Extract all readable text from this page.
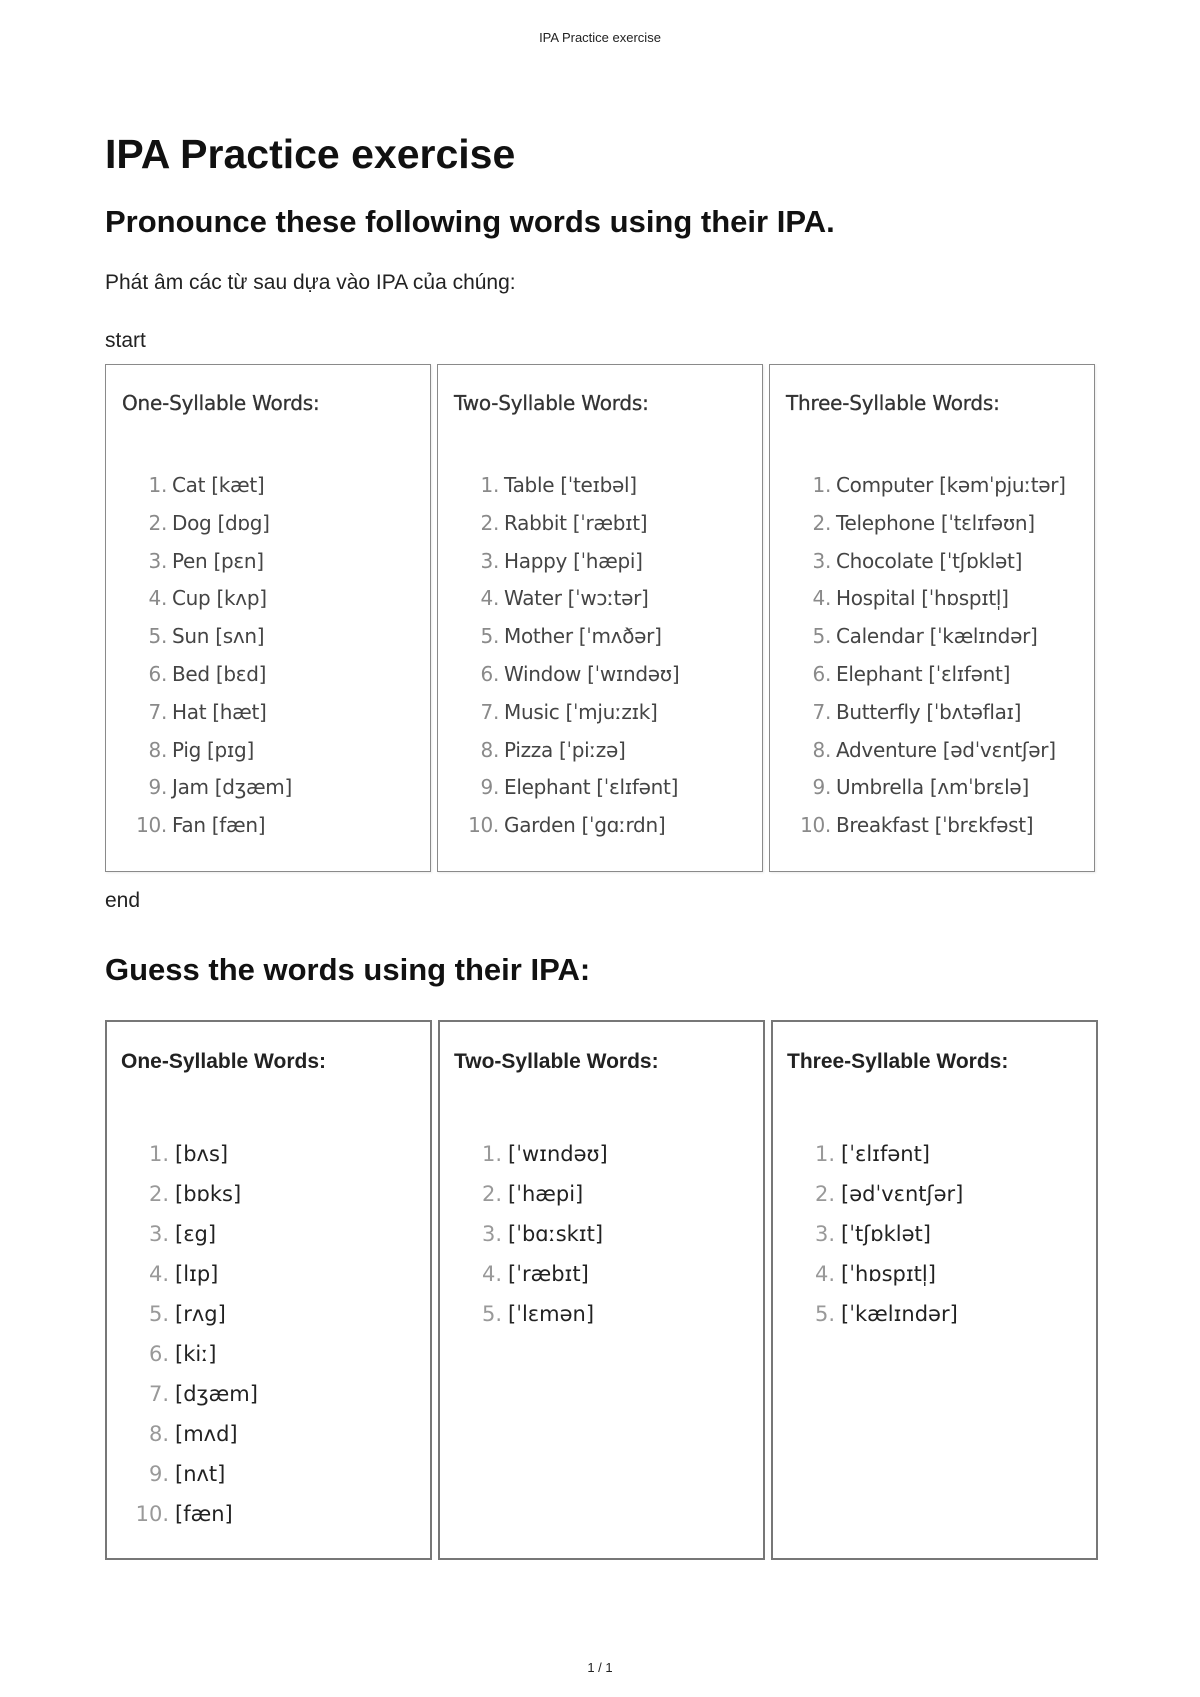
IPA Practice exercise
IPA Practice exercise
Pronounce these following words using their IPA.

Phát âm các từ sau dựa vào IPA của chúng:

start
One-Syllable Words:
1. Cat [kæt]
2. Dog [dɒg]
3. Pen [pɛn]
4. Cup [kʌp]
5. Sun [sʌn]
6. Bed [bɛd]
7. Hat [hæt]
8. Pig [pɪg]
9. Jam [dʒæm]
10. Fan [fæn]
Two-Syllable Words:
1. Table [ˈteɪbəl]
2. Rabbit [ˈræbɪt]
3. Happy [ˈhæpi]
4. Water [ˈwɔːtər]
5. Mother [ˈmʌðər]
6. Window [ˈwɪndəʊ]
7. Music [ˈmjuːzɪk]
8. Pizza [ˈpiːzə]
9. Elephant [ˈɛlɪfənt]
10. Garden [ˈgɑːrdn]
Three-Syllable Words:
1. Computer [kəmˈpjuːtər]
2. Telephone [ˈtɛlɪfəʊn]
3. Chocolate [ˈtʃɒklət]
4. Hospital [ˈhɒspɪtl̩]
5. Calendar [ˈkælɪndər]
6. Elephant [ˈɛlɪfənt]
7. Butterfly [ˈbʌtəflaɪ]
8. Adventure [ədˈvɛntʃər]
9. Umbrella [ʌmˈbrɛlə]
10. Breakfast [ˈbrɛkfəst]
end
Guess the words using their IPA:
One-Syllable Words:
1. [bʌs]
2. [bɒks]
3. [ɛg]
4. [lɪp]
5. [rʌg]
6. [kiː]
7. [dʒæm]
8. [mʌd]
9. [nʌt]
10. [fæn]
Two-Syllable Words:
1. [ˈwɪndəʊ]
2. [ˈhæpi]
3. [ˈbɑːskɪt]
4. [ˈræbɪt]
5. [ˈlɛmən]
Three-Syllable Words:
1. [ˈɛlɪfənt]
2. [ədˈvɛntʃər]
3. [ˈtʃɒklət]
4. [ˈhɒspɪtl̩]
5. [ˈkælɪndər]
1 / 1
